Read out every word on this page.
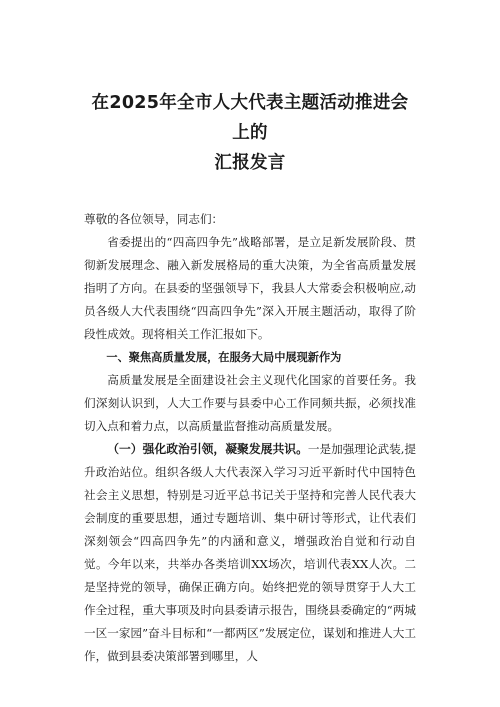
在2025年全市人大代表主题活动推进会上的
汇报发言

尊敬的各位领导，同志们：

省委提出的“四高四争先”战略部署，是立足新发展阶段、贯彻新发展理念、融入新发展格局的重大决策，为全省高质量发展指明了方向。在县委的坚强领导下，我县人大常委会积极响应,动员各级人大代表围绕“四高四争先”深入开展主题活动，取得了阶段性成效。现将相关工作汇报如下。

一、聚焦高质量发展，在服务大局中展现新作为

高质量发展是全面建设社会主义现代化国家的首要任务。我们深刻认识到，人大工作要与县委中心工作同频共振，必须找准切入点和着力点，以高质量监督推动高质量发展。

（一）强化政治引领，凝聚发展共识。一是加强理论武装,提升政治站位。组织各级人大代表深入学习习近平新时代中国特色社会主义思想，特别是习近平总书记关于坚持和完善人民代表大会制度的重要思想，通过专题培训、集中研讨等形式，让代表们深刻领会“四高四争先”的内涵和意义，增强政治自觉和行动自觉。今年以来，共举办各类培训XX场次，培训代表XX人次。二是坚持党的领导，确保正确方向。始终把党的领导贯穿于人大工作全过程，重大事项及时向县委请示报告，围绕县委确定的“两城一区一家园”奋斗目标和“一都两区”发展定位，谋划和推进人大工作，做到县委决策部署到哪里，人
